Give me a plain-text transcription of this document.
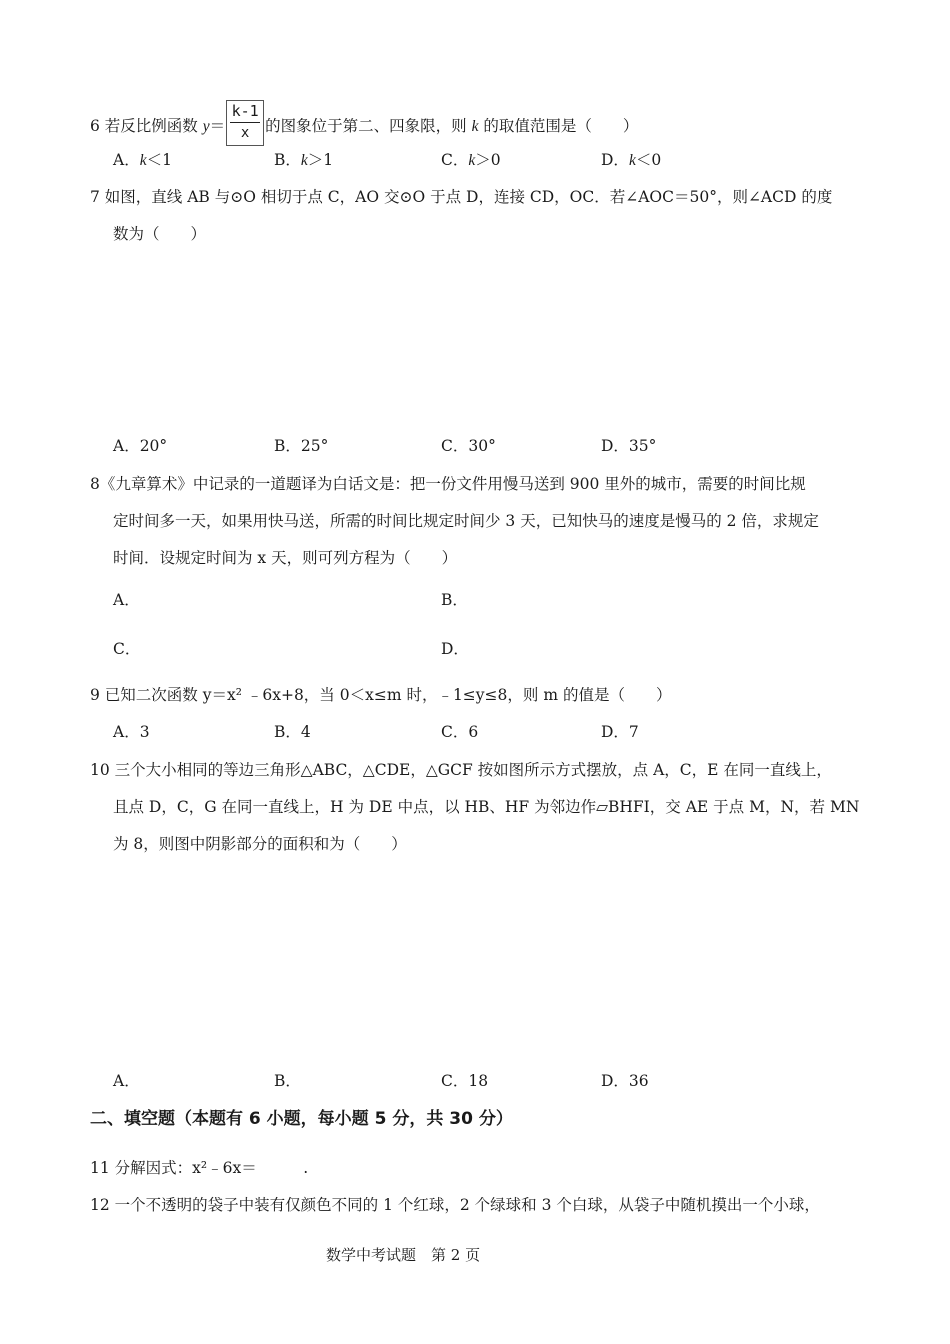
6 若反比例函数 $y= \frac{k-1}{x}$ 的图象位于第二、四象限，则 k 的取值范围是（　　）
A．k＜1	B．k＞1	C．k＞0	D．k＜0
7 如图，直线 AB 与⊙O 相切于点 C，AO 交⊙O 于点 D，连接 CD，OC．若∠AOC＝50°，则∠ACD 的度
数为（　　）
A．20°	B．25°	C．30°	D．35°
8《九章算术》中记录的一道题译为白话文是：把一份文件用慢马送到 900 里外的城市，需要的时间比规
定时间多一天，如果用快马送，所需的时间比规定时间少 3 天，已知快马的速度是慢马的 2 倍，求规定
时间．设规定时间为 x 天，则可列方程为（　　）
A．	B．
C．	D．
9 已知二次函数 y＝x² ﹣6x+8，当 0＜x≤m 时，﹣1≤y≤8，则 m 的值是（　　）
A．3	B．4	C．6	D．7
10 三个大小相同的等边三角形△ABC，△CDE，△GCF 按如图所示方式摆放，点 A，C，E 在同一直线上，
且点 D，C，G 在同一直线上，H 为 DE 中点，以 HB、HF 为邻边作▱BHFI，交 AE 于点 M，N，若 MN
为 8，则图中阴影部分的面积和为（　　）
A．	B．	C．18	D．36
二、填空题（本题有 6 小题，每小题 5 分，共 30 分）
11 分解因式：x²﹣6x＝　　　.
12 一个不透明的袋子中装有仅颜色不同的 1 个红球，2 个绿球和 3 个白球，从袋子中随机摸出一个小球，
数学中考试题　第 2 页
